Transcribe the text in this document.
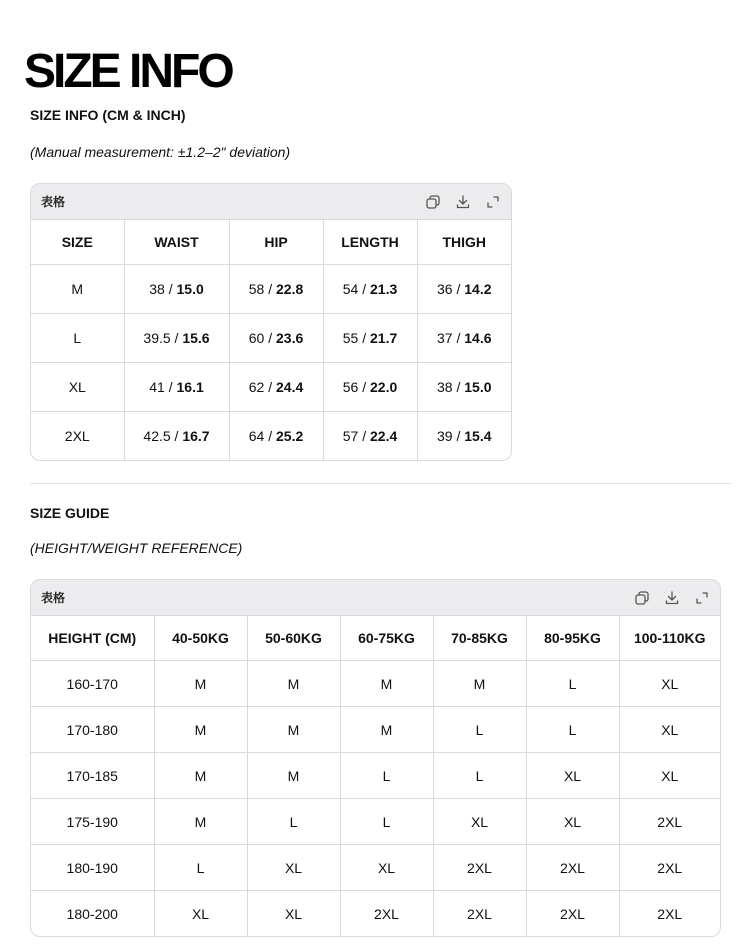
SIZE INFO
SIZE INFO (CM & INCH)
(Manual measurement: ±1.2–2" deviation)
表格
SIZE	WAIST	HIP	LENGTH	THIGH
M	38 / 15.0	58 / 22.8	54 / 21.3	36 / 14.2
L	39.5 / 15.6	60 / 23.6	55 / 21.7	37 / 14.6
XL	41 / 16.1	62 / 24.4	56 / 22.0	38 / 15.0
2XL	42.5 / 16.7	64 / 25.2	57 / 22.4	39 / 15.4
SIZE GUIDE
(HEIGHT/WEIGHT REFERENCE)
表格
HEIGHT (CM)	40-50KG	50-60KG	60-75KG	70-85KG	80-95KG	100-110KG
160-170	M	M	M	M	L	XL
170-180	M	M	M	L	L	XL
170-185	M	M	L	L	XL	XL
175-190	M	L	L	XL	XL	2XL
180-190	L	XL	XL	2XL	2XL	2XL
180-200	XL	XL	2XL	2XL	2XL	2XL
